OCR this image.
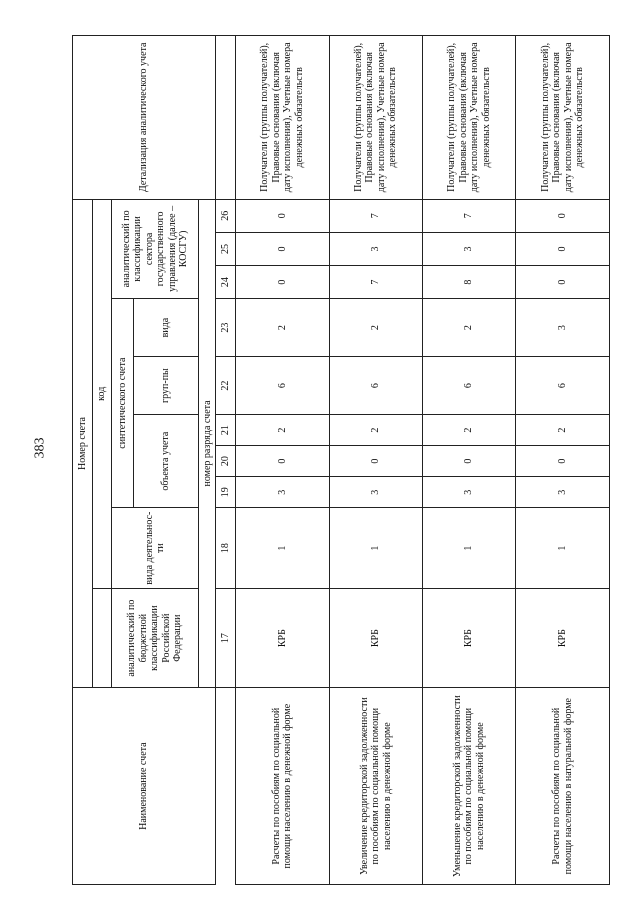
383
Наименование счета	Номер счета										Детализация аналитического учета
		код									
	аналитический по бюджетной классификации Российской Федерации	вида деятельнос-ти	синтетического счета					аналитический по классификации сектора государственного управления (далее – КОСГУ)			
			объекта учета			груп-пы	вида				
	номер разряда счета										
	17	18	19	20	21	22	23	24	25	26	
Расчеты по пособиям по социальной помощи населению в денежной форме	КРБ	1	3	0	2	6	2	0	0	0	Получатели (группы получателей), Правовые основания (включая дату исполнения), Учетные номера денежных обязательств
Увеличение кредиторской задолженности по пособиям по социальной помощи населению в денежной форме	КРБ	1	3	0	2	6	2	7	3	7	Получатели (группы получателей), Правовые основания (включая дату исполнения), Учетные номера денежных обязательств
Уменьшение кредиторской задолженности по пособиям по социальной помощи населению в денежной форме	КРБ	1	3	0	2	6	2	8	3	7	Получатели (группы получателей), Правовые основания (включая дату исполнения), Учетные номера денежных обязательств
Расчеты по пособиям по социальной помощи населению в натуральной форме	КРБ	1	3	0	2	6	3	0	0	0	Получатели (группы получателей), Правовые основания (включая дату исполнения), Учетные номера денежных обязательств
